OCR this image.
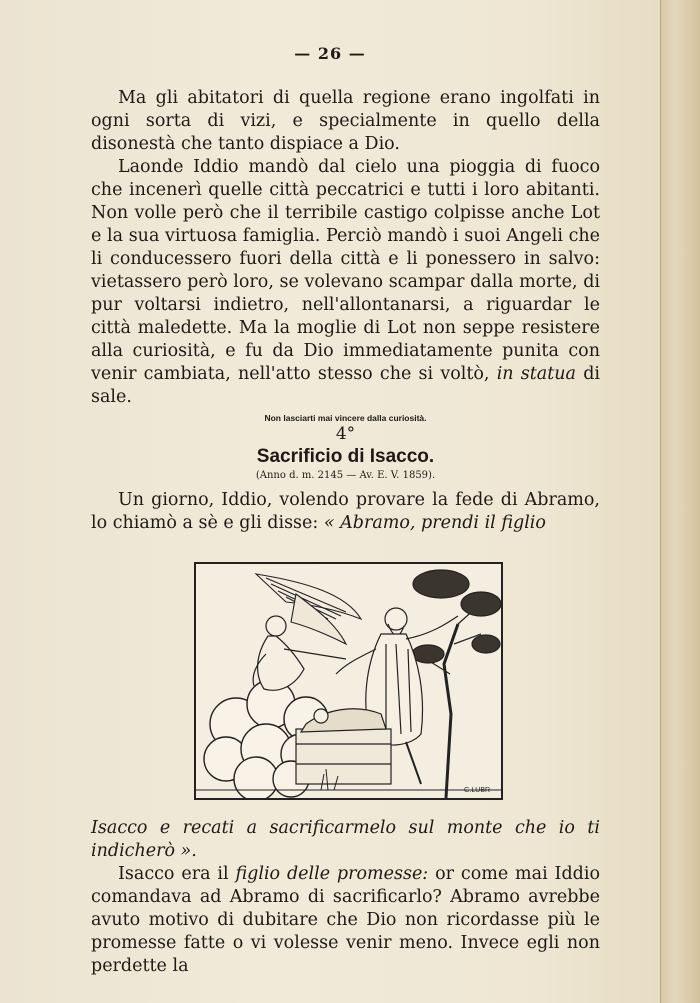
— 26 —

Ma gli abitatori di quella regione erano ingolfati in ogni sorta di vizi, e specialmente in quello della disonestà che tanto dispiace a Dio.

Laonde Iddio mandò dal cielo una pioggia di fuoco che incenerì quelle città peccatrici e tutti i loro abitanti. Non volle però che il terribile castigo colpisse anche Lot e la sua virtuosa famiglia. Perciò mandò i suoi Angeli che li conducessero fuori della città e li ponessero in salvo: vietassero però loro, se volevano scampar dalla morte, di pur voltarsi indietro, nell'allontanarsi, a riguardar le città maledette. Ma la moglie di Lot non seppe resistere alla curiosità, e fu da Dio immediatamente punita con venir cambiata, nell'atto stesso che si voltò, in statua di sale.

Non lasciarti mai vincere dalla curiosità.

4°

Sacrificio di Isacco.

(Anno d. m. 2145 — Av. E. V. 1859).

Un giorno, Iddio, volendo provare la fede di Abramo, lo chiamò a sè e gli disse: « Abramo, prendi il figlio

G.LUBR

Isacco e recati a sacrificarmelo sul monte che io ti indicherò ».

Isacco era il figlio delle promesse: or come mai Iddio comandava ad Abramo di sacrificarlo? Abramo avrebbe avuto motivo di dubitare che Dio non ricordasse più le promesse fatte o vi volesse venir meno. Invece egli non perdette la
